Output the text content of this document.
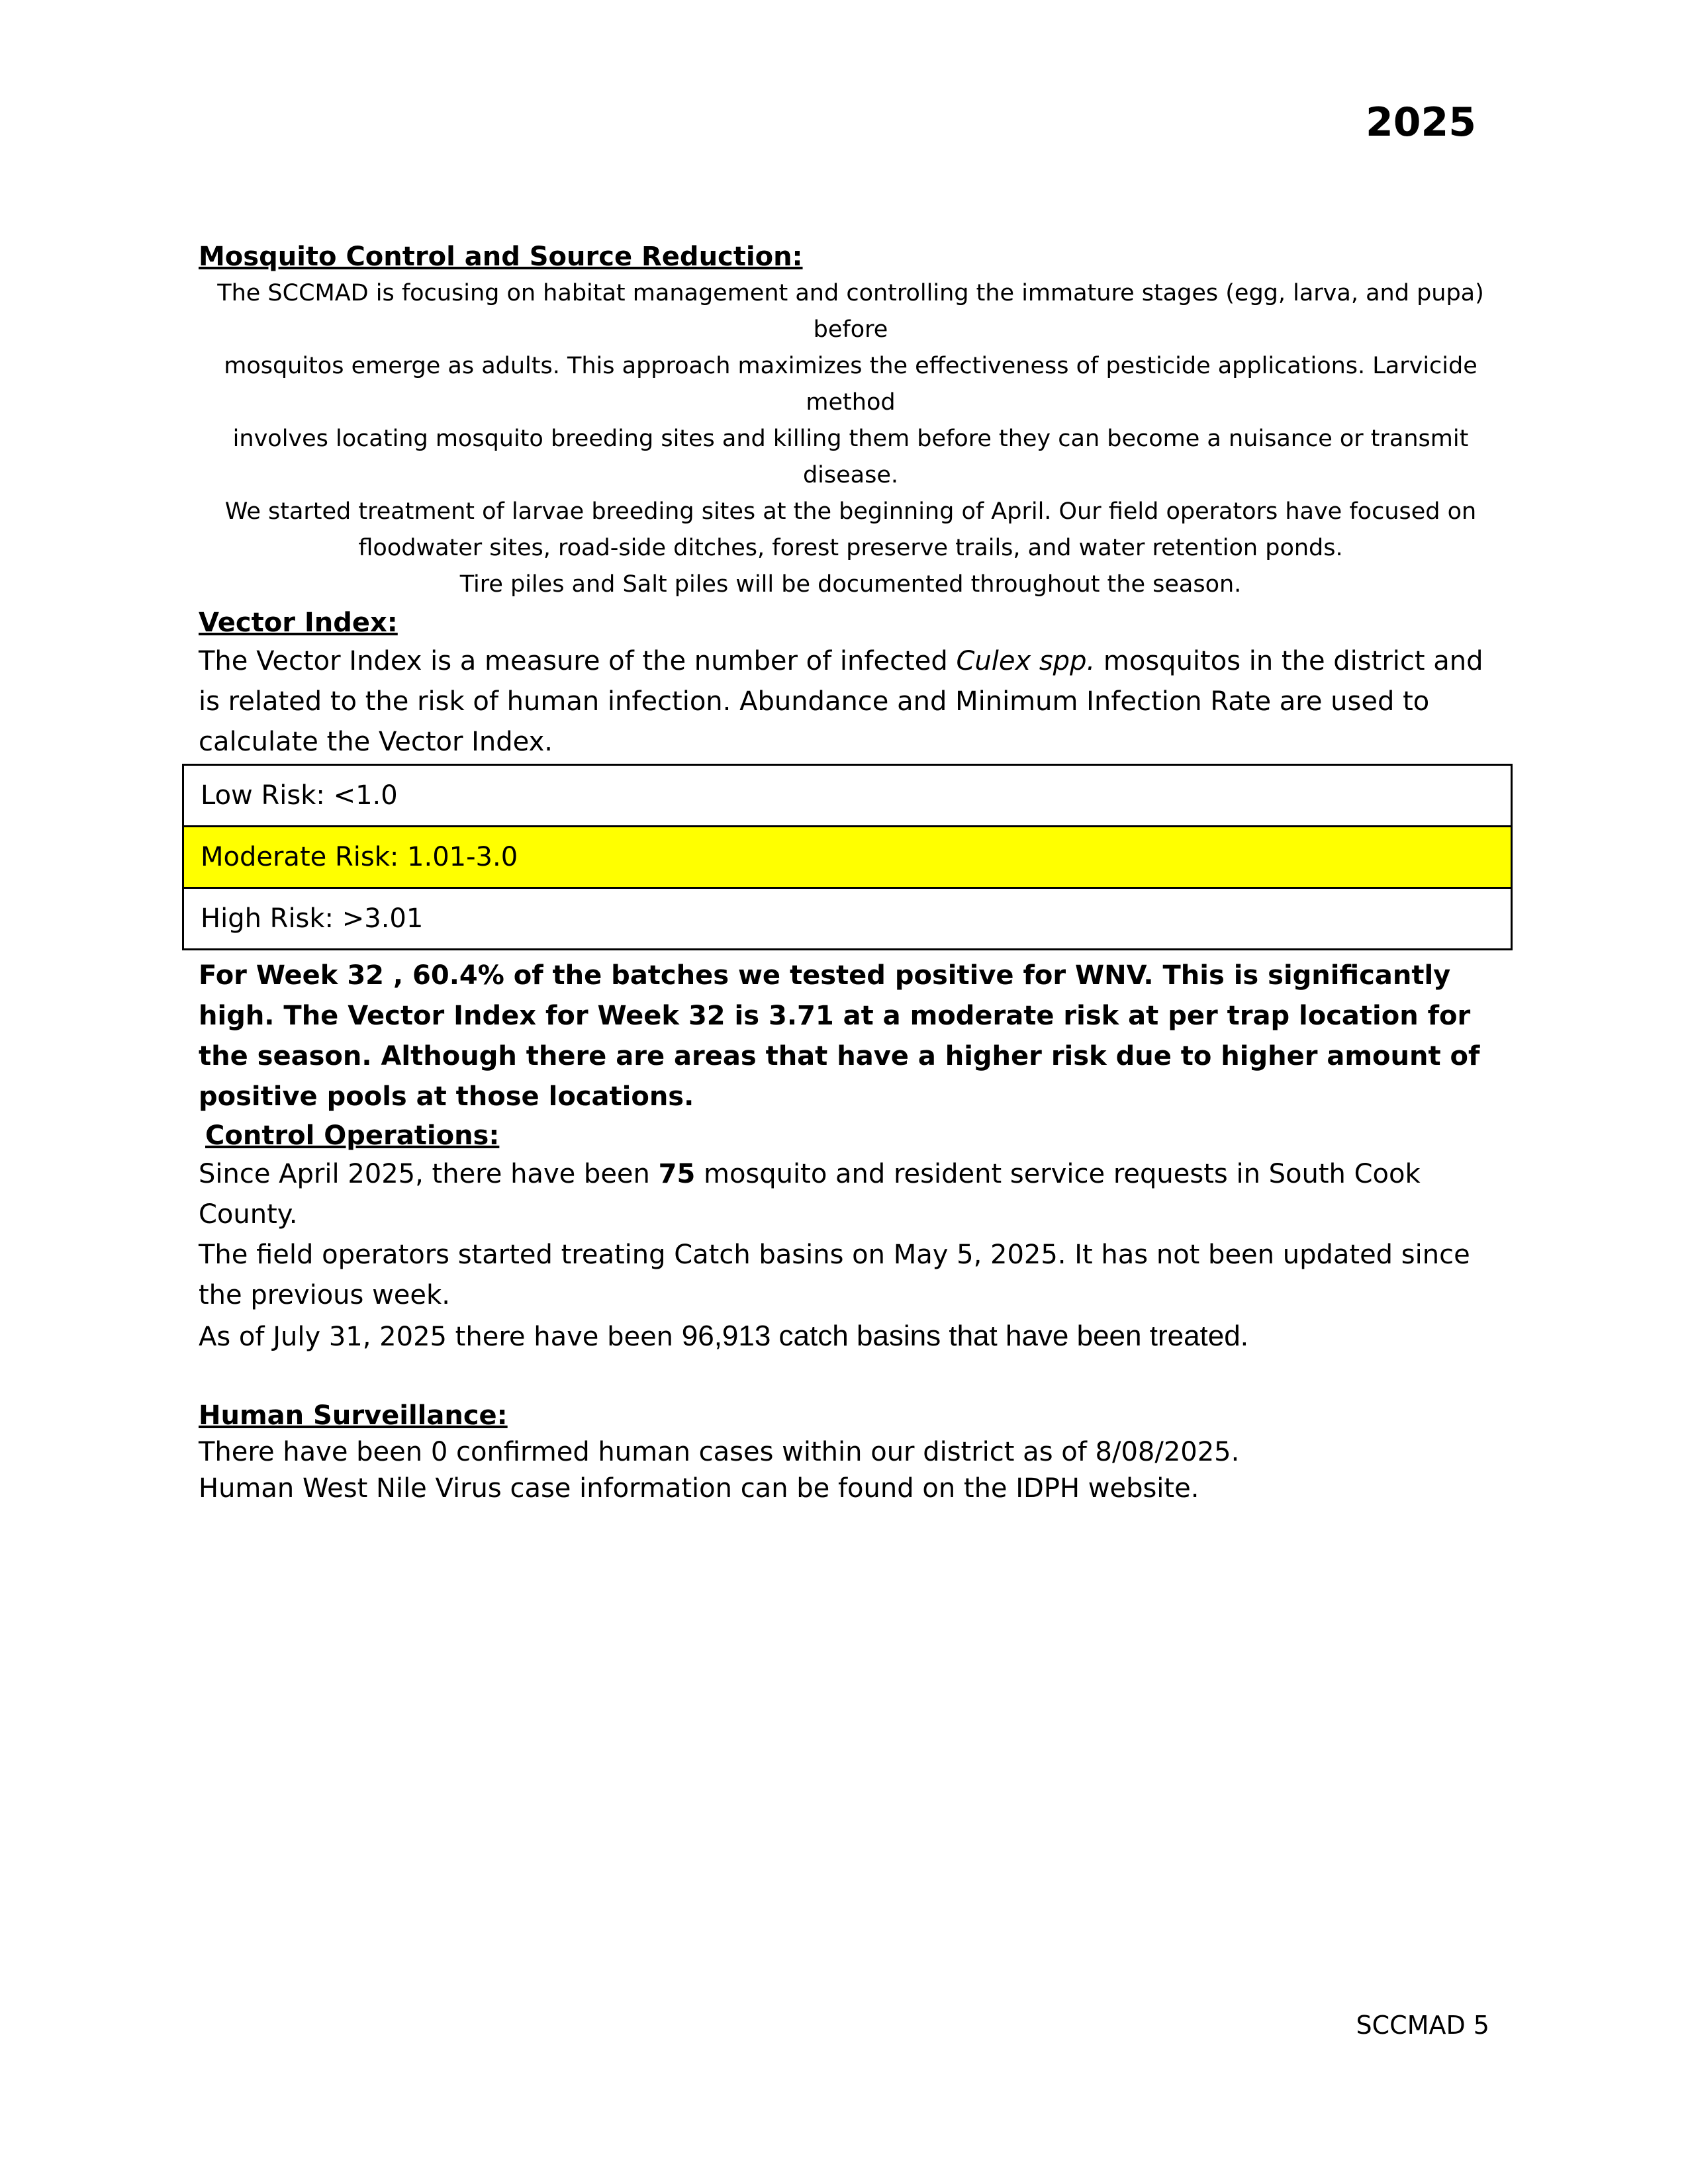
2025

Mosquito Control and Source Reduction:

The SCCMAD is focusing on habitat management and controlling the immature stages (egg, larva, and pupa) before

mosquitos emerge as adults. This approach maximizes the effectiveness of pesticide applications. Larvicide method

involves locating mosquito breeding sites and killing them before they can become a nuisance or transmit disease.

We started treatment of larvae breeding sites at the beginning of April. Our field operators have focused on

floodwater sites, road-side ditches, forest preserve trails, and water retention ponds.

Tire piles and Salt piles will be documented throughout the season.

Vector Index:

The Vector Index is a measure of the number of infected Culex spp. mosquitos in the district and is related to the risk of human infection. Abundance and Minimum Infection Rate are used to calculate the Vector Index.

Low Risk: <1.0
Moderate Risk: 1.01-3.0
High Risk: >3.01

For Week 32 , 60.4% of the batches we tested positive for WNV. This is significantly high. The Vector Index for Week 32 is 3.71 at a moderate risk at per trap location for the season. Although there are areas that have a higher risk due to higher amount of positive pools at those locations.

Control Operations:

Since April 2025, there have been 75 mosquito and resident service requests in South Cook County.

The field operators started treating Catch basins on May 5, 2025. It has not been updated since the previous week.

As of July 31, 2025 there have been 96,913 catch basins that have been treated.

Human Surveillance:

There have been 0 confirmed human cases within our district as of 8/08/2025.

Human West Nile Virus case information can be found on the IDPH website.

SCCMAD 5
